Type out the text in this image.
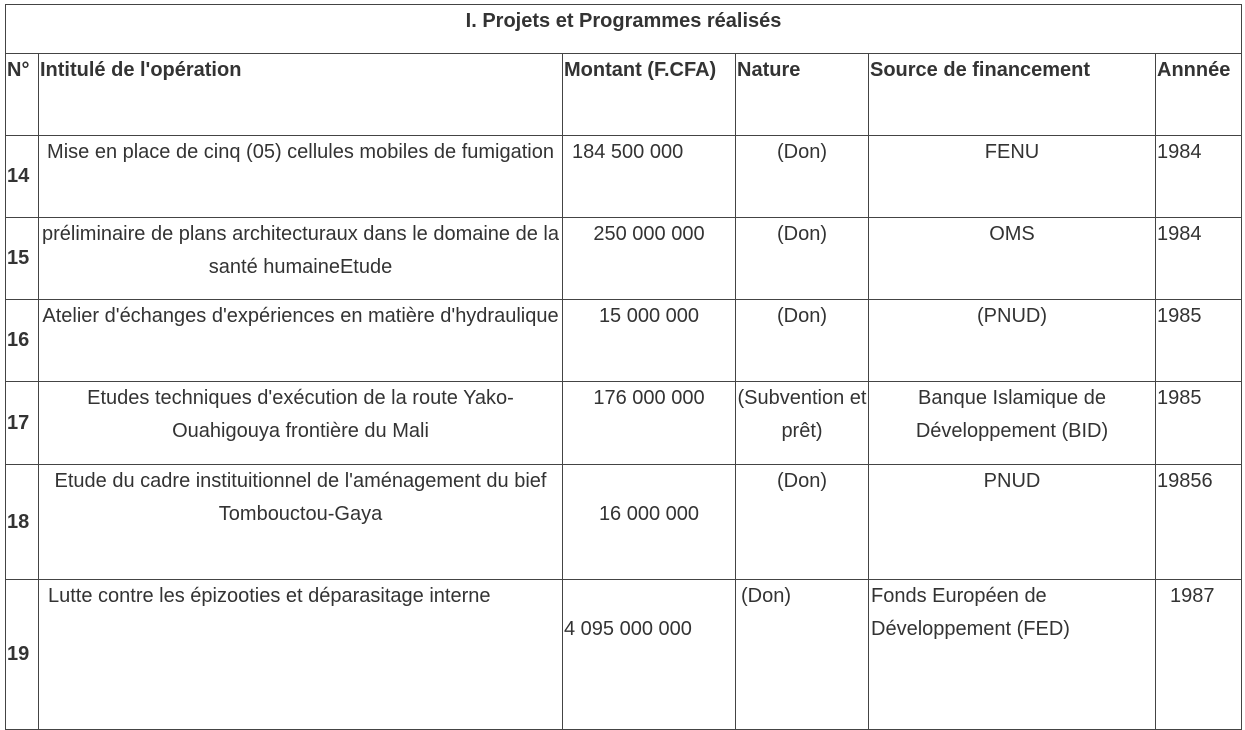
I. Projets et Programmes réalisés					
N°	Intitulé de l'opération	Montant (F.CFA)	Nature	Source de financement	Annnée
14	Mise en place de cinq (05) cellules mobiles de fumigation	184 500 000	(Don)	FENU	1984
15	préliminaire de plans architecturaux dans le domaine de la santé humaineEtude	250 000 000	(Don)	OMS	1984
16	Atelier d'échanges d'expériences en matière d'hydraulique	15 000 000	(Don)	(PNUD)	1985
17	Etudes techniques d'exécution de la route Yako-Ouahigouya frontière du Mali	176 000 000	(Subvention et prêt)	Banque Islamique de Développement (BID)	1985
18	Etude du cadre instituitionnel de l'aménagement du bief Tombouctou-Gaya	16 000 000	(Don)	PNUD	19856
19	Lutte contre les épizooties et déparasitage interne	4 095 000 000	(Don)	Fonds Européen de Développement (FED)	1987
